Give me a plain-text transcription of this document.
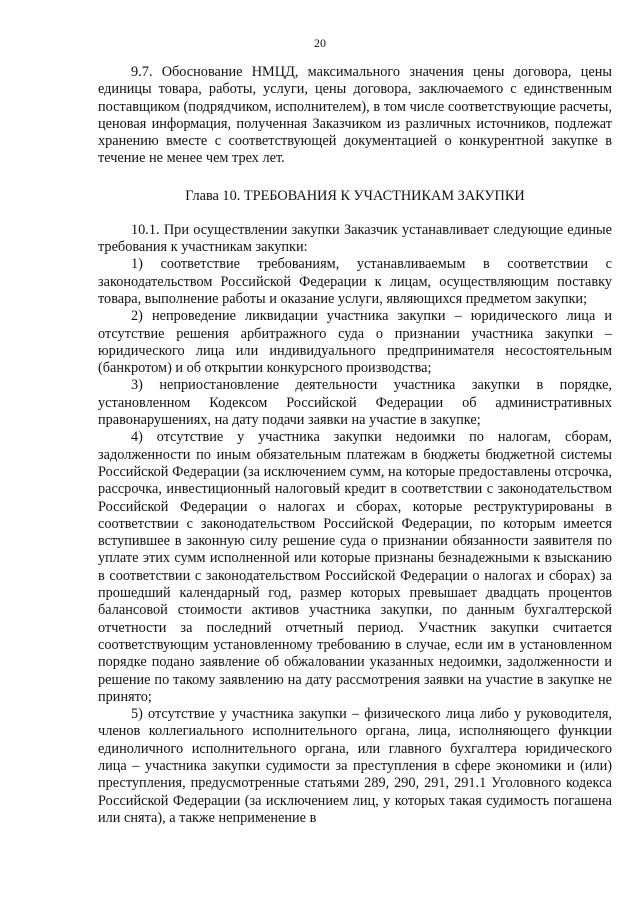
20

9.7. Обоснование НМЦД, максимального значения цены договора, цены единицы товара, работы, услуги, цены договора, заключаемого с единственным поставщиком (подрядчиком, исполнителем), в том числе соответствующие расчеты, ценовая информация, полученная Заказчиком из различных источников, подлежат хранению вместе с соответствующей документацией о конкурентной закупке в течение не менее чем трех лет.

Глава 10. ТРЕБОВАНИЯ К УЧАСТНИКАМ ЗАКУПКИ

10.1. При осуществлении закупки Заказчик устанавливает следующие единые требования к участникам закупки:

1) соответствие требованиям, устанавливаемым в соответствии с законодательством Российской Федерации к лицам, осуществляющим поставку товара, выполнение работы и оказание услуги, являющихся предметом закупки;

2) непроведение ликвидации участника закупки – юридического лица и отсутствие решения арбитражного суда о признании участника закупки – юридического лица или индивидуального предпринимателя несостоятельным (банкротом) и об открытии конкурсного производства;

3) неприостановление деятельности участника закупки в порядке, установленном Кодексом Российской Федерации об административных правонарушениях, на дату подачи заявки на участие в закупке;

4) отсутствие у участника закупки недоимки по налогам, сборам, задолженности по иным обязательным платежам в бюджеты бюджетной системы Российской Федерации (за исключением сумм, на которые предоставлены отсрочка, рассрочка, инвестиционный налоговый кредит в соответствии с законодательством Российской Федерации о налогах и сборах, которые реструктурированы в соответствии с законодательством Российской Федерации, по которым имеется вступившее в законную силу решение суда о признании обязанности заявителя по уплате этих сумм исполненной или которые признаны безнадежными к взысканию в соответствии с законодательством Российской Федерации о налогах и сборах) за прошедший календарный год, размер которых превышает двадцать процентов балансовой стоимости активов участника закупки, по данным бухгалтерской отчетности за последний отчетный период. Участник закупки считается соответствующим установленному требованию в случае, если им в установленном порядке подано заявление об обжаловании указанных недоимки, задолженности и решение по такому заявлению на дату рассмотрения заявки на участие в закупке не принято;

5) отсутствие у участника закупки – физического лица либо у руководителя, членов коллегиального исполнительного органа, лица, исполняющего функции единоличного исполнительного органа, или главного бухгалтера юридического лица – участника закупки судимости за преступления в сфере экономики и (или) преступления, предусмотренные статьями 289, 290, 291, 291.1 Уголовного кодекса Российской Федерации (за исключением лиц, у которых такая судимость погашена или снята), а также неприменение в
